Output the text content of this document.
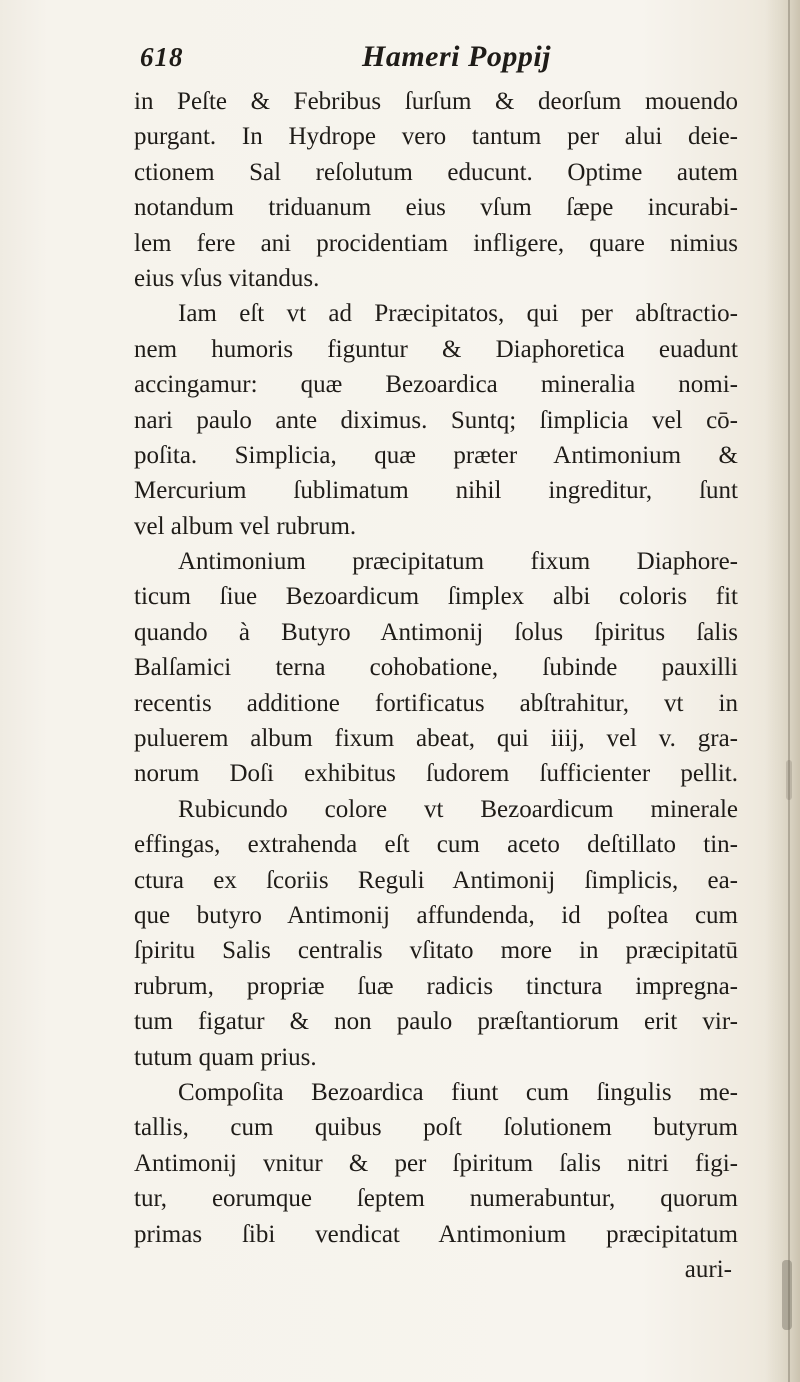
618	Hameri Poppij
in Peſte & Febribus ſurſum & deorſum mouendo
purgant. In Hydrope vero tantum per alui deie-
ctionem Sal reſolutum educunt. Optime autem
notandum triduanum eius vſum ſæpe incurabi-
lem fere ani procidentiam infligere, quare nimius
eius vſus vitandus.
Iam eſt vt ad Præcipitatos, qui per abſtractio-
nem humoris figuntur & Diaphoretica euadunt
accingamur: quæ Bezoardica mineralia nomi-
nari paulo ante diximus. Suntq; ſimplicia vel cō-
poſita. Simplicia, quæ præter Antimonium &
Mercurium ſublimatum nihil ingreditur, ſunt
vel album vel rubrum.
Antimonium præcipitatum fixum Diaphore-
ticum ſiue Bezoardicum ſimplex albi coloris fit
quando à Butyro Antimonij ſolus ſpiritus ſalis
Balſamici terna cohobatione, ſubinde pauxilli
recentis additione fortificatus abſtrahitur, vt in
puluerem album fixum abeat, qui iiij, vel v. gra-
norum Doſi exhibitus ſudorem ſufficienter pellit.
Rubicundo colore vt Bezoardicum minerale
effingas, extrahenda eſt cum aceto deſtillato tin-
ctura ex ſcoriis Reguli Antimonij ſimplicis, ea-
que butyro Antimonij affundenda, id poſtea cum
ſpiritu Salis centralis vſitato more in præcipitatū
rubrum, propriæ ſuæ radicis tinctura impregna-
tum figatur & non paulo præſtantiorum erit vir-
tutum quam prius.
Compoſita Bezoardica fiunt cum ſingulis me-
tallis, cum quibus poſt ſolutionem butyrum
Antimonij vnitur & per ſpiritum ſalis nitri figi-
tur, eorumque ſeptem numerabuntur, quorum
primas ſibi vendicat Antimonium præcipitatum
auri-
